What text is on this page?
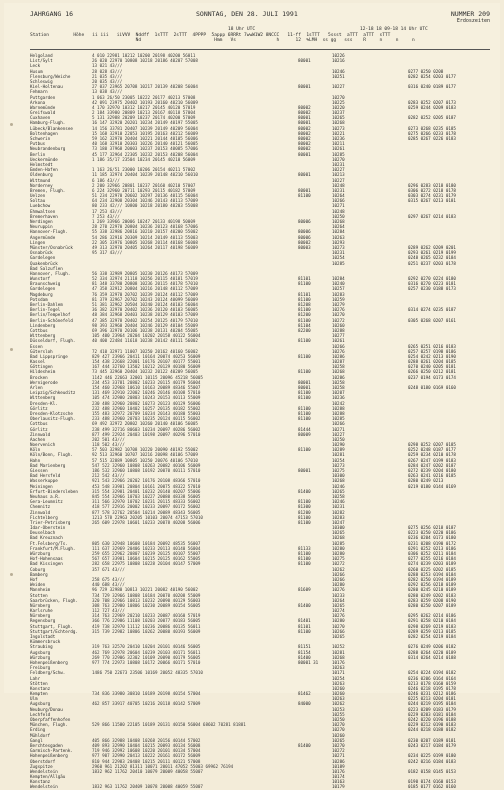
JAHRGANG 16	SONNTAG, DEN 28. JULI 1991	NUMMER 209
Erdoszeiten
18 Uhr UTC	12-18 18 09-18 14 Uhr UTC
Station         Höhe   ii iii   iiVVV  Nddff  1sTTT  2sTTT  4PPPP  5appp 6RRRt 7wwW1W2 8NCCC   11-ff  1sTTT   5ssst  aTTT  aTTT  sTTT
Nd                           Hmm   Vs               h      12  %LMH  ss gg   sss    R     n     n     n
Helgoland	4 010 22981 10212 10200 20198 40200 56011	10226
List/Sylt	26 020 22970 10808 10218 20186 40207 57008	80001	10216
Leck	13 021 43///
Husum	28 028 43///	10246	0277 0250 0208
Flensburg/Weiche	21 035 43///	10251	0282 0254 0203 0177
Schleswig	20 035 43///
Kiel-Holtenau	27 037 23965 20708 10217 20139 40208 56004	80001	10227	0316 0240 0189 0177
Fehmarn	13 038 43///
Puttgarden	1 063 26/50 23005 10222 20177 40213 57008	10270
Arkona	42 091 23975 20402 10193 20160 40210 56009	10225	0283 0252 0207 0173
Warnemünde	4 170 32970 10312 10217 20145 40120 57019	80002	10220	0259 0244 0209 0183
Greifswald	2 184 33980 20809 10213 20167 40118 57004	80002	10237
Cuxhaven	5 131 32988 20209 10237 20174 40200 57009	80001	10265	0282 0252 0205 0187
Hamburg-Flugh.	16 147 32920 20201 10234 20149 40197 55005	80001	10268
Lübeck/Blankensee	14 156 33781 20407 10239 20149 40209 56004	80002	10273	0273 0268 0235 0185
Boltenhagen	15 168 32910 22053 10195 20163 40212 56009	80002	10221	0275 0266 0233 0178
Schwerin	59 162 32970 20404 10221 20144 40105 56006	80002	10236	0285 0267 0226 0183
Putbus	40 168 32910 20303 10226 20140 40121 56005	80002	10211
Neubrandenburg	73 180 37968 20003 10237 20153 40085 57006	80002	10261
Berlin	45 177 32964 22305 10232 20153 40208 56004	80001	10285
Ueckermünde	1 186 35/17 23504 10234 20145 40210 56009	10270
Helmstedt	10231
Emden-Hafen	1 163 26/51 23000 10206 20154 40211 57002	10227
Oldenburg	11 185 32974 20404 10239 20148 40210 56010	80001	10213
Wittmund	6 186 43///	10227
Norderney	2 200 32966 20801 10237 20160 40210 57007	10248	0296 0283 0218 0180
Bremen, Flugh.	6 224 32960 20711 10293 20115 40182 57009	80001	10231	0306 0272 0218 0178
Uelzen	51 234 22970 20602 10297 20136 40115 56004	81100	10264	0303 0274 0231 0179
Soltau	64 234 32908 20304 10246 20143 40113 57009	10266	0315 0267 0213 0181
Luebchow	80 233 42/// 10800 10218 20180 40203 55008	10271
Ehmwaltsen	17 253 43///	10248
Bremerhaven	7 253 43///	10250	0297 0267 0214 0183
Nerdingen	1 269 33966 20006 10247 20133 40198 50009	80006	10268
Neuruppin	28 270 22970 20804 10236 20123 40168 57006	10264
Hannover-Flugh.	55 338 32986 20816 10210 20157 40200 55002	80006	10284
Angermünde	54 286 32916 20309 10214 20149 40113 55003	80006	10263
Lingen	22 305 33976 10805 10268 20114 40168 56008	80002	10293
Münster/Osnabrück	49 313 32970 20405 10264 20117 40198 56009	80003	10273	0289 0262 0209 0201
Osnabrück	95 317 43///	10231	0293 0261 0219 0199
Gardelegen	10254	0248 0265 0232 0184
Quakenbrück	10285	0251 0237 0203 0178
Bad Salzuflen
Hannover, Flugh.	56 338 32989 20805 10230 20126 40173 57009
Wunstorf	52 334 32974 21118 10256 20115 40181 57019	81101	10284	0292 0270 0224 0180
Braunschweig	81 348 33780 20808 10236 20115 40178 57010	81100	10240	0316 0270 0223 0181
Gardelegen	47 358 32912 20804 10216 20148 40112 57009	10257	0257 0230 0188 0173
Magdeburg	76 359 32970 20702 10239 20124 40112 57009	81101	10283
Potsdam	81 379 32967 20702 10243 20124 40099 56009	81100	10259
Berlin-Dahlem	51 381 32962 20504 10240 20124 40103 56004	81208	10279
Berlin-Tegel	36 382 32970 20402 10236 20120 40103 56005	81100	10276	0314 0274 0235 0187
Berlin/Tempelhof	48 384 32968 20403 10238 20129 40103 57009	81200	10270
Berlin-Schönefeld	47 385 32978 20402 10254 20125 40179 57010	81100	10272	0305 0268 0207 0161
Lindenberg	98 393 32960 20404 10246 20129 40104 55009	81104	10260
Cottbus	69 396 32970 20106 10238 20131 40204 55005	82200	10288
Wittenberg	105 400 23964 20204 10202 20158 40122 56004	10277
Düsseldorf, Flugh.	40 400 22484 11618 10238 20142 40111 56002	81100	10261
Essen	10266	0265 0251 0216 0183
Gütersloh	72 410 32971 11007 10250 20162 40160 56002	10276	0257 0257 0198 0186
Bad Lippspringe	829 427 23966 20411 10164 20074 40253 56009	81100	10286	0254 0242 0213 0190
Kassel	154 438 22668 22001 10176 20107 40177 55001	10287	0288 0261 0204 0185
Göttingen	167 444 32760 13502 10212 20129 40180 56009	10258	0270 0240 0205 0181
Hildesheim	73 445 32960 20404 10232 20122 40209 56005	81100	10268	0266 0250 0212 0181
Brocken	1142 446 22663 32001 10115 20096 45218 56005	10286	0237 0194 0173 0174
Wernigerode	234 453 33781 20802 10233 20115 40179 56004	80001	10258
Arlen	154 460 32968 10610 10163 20089 48346 55007	80001	10258	0248 0180 0169 0160
Leipzig/Schkeuditz	131 469 32910 22002 10246 20146 40108 57010	81100	10207
Wittenberg	105 474 32980 20803 10243 20153 40113 55009	81100	10236
Dresden-Kl.	230 488 32960 20802 10273 20123 40129 56006	10242
Görlitz	232 488 32960 10402 10257 20135 40182 55002	81100	10288
Dresden-Klotzsche	155 483 32972 20709 10234 20143 40180 55003	81100	10288
Oberlausitz-Flugh.	233 488 32960 20703 10235 20124 40115 56002	81100	10285
Cottbus	69 492 32972 20802 10260 20140 40106 56005	10266
Görlitz	238 499 32716 80603 10234 20097 40286 56002	81444	10271
Zinnwald	877 499 22924 20403 10198 20097 40296 57010	80009	10227
Aachen	202 501 43///	10250
Noervenich	118 502 43///	10290	0298 0252 0207 0185
Köln	57 503 32982 10708 10220 20090 40192 55002	81100	10289	0252 0248 0187 0177
Köln/Bonn, Flugh.	92 513 32960 10707 10216 20098 40106 57009	10281	0259 0234 0210 0178
Hahn	57 515 32889 10805 10250 20076 40106 57010	10254	0267 0247 0199 0183
Bad Marienberg	547 522 32960 10808 10263 20082 40106 56009	10273	0284 0247 0202 0187
Giessen	186 532 32960 10808 10192 20070 40111 57010	80001	10275	0272 0239 0204 0180
Bad Hersfeld	212 542 43///	10300	0263 0241 0216 0185
Wasserkuppe	921 543 22966 20202 10176 20108 48366 57010	10268	0280 0249 0213
Meiningen	453 548 33981 20804 10161 20075 48322 57010	10246	0219 0180 0144 0169
Erfurt-Bindersleben	315 554 32981 20401 10232 20140 40207 55006	81400	10265
Neuhaus a.R.	845 554 32966 10703 10227 20080 48338 56005	10258
Gera-Leumnitz	311 566 32970 10702 10231 20115 48333 56002	81100	10246
Chemnitz	418 577 22916 20002 10233 20097 40172 56002	81300	10231
Zinnwald	877 578 32762 20504 10214 20089 48343 56005	81200	10282
Fichtelberg	1213 578 22963 20205 10103 20074 47153 57010	81100	10283
Trier-Petrisberg	265 609 22978 10601 10233 20078 40208 56006	81100	10247
Idar-Oberstein	10300	0275 0256 0218 0187
Deuselbach	10265	0223 0250 0220 0186
Bad Kreuznach	10268	0236 0204 0173 0180
Ft.Felsberg/Ts.	805 630 32948 10608 10184 20092 48535 56007	10285	0231 0208 0190 0172
Frankfurt/M.Flugh.	111 637 32969 20406 10233 20113 40140 56004	81133	10280	0291 0252 0213 0186
Würzburg	259 655 22962 20807 10239 20125 40107 55007	81100	10280	0306 0252 0211 0184
Hof-Hohensaas	567 657 33981 10604 10215 20125 40162 55005	81100	10275	0277 0255 0216 0184
Bad Kissingen	282 658 22975 10808 10228 20104 40147 57009	81100	10272	0274 0239 0203 0189
Coburg	357 671 43///	10262	0260 0225 0202 0185
Bamberg	10266	0288 0253 0194 0184
Hof	258 675 43///	10266	0282 0250 0194 0189
Weiden	440 688 43///	10280	0292 0256 0218 0189
Mannheim	96 729 32980 10813 10221 20082 40190 56002	81609	10276	0280 0245 0210 0189
Stotten	734 729 32966 10808 10184 20070 40208 55009	10233	0280 0249 0202 0183
Saarbrücken, Flugh.	320 708 32966 10813 10232 20090 40129 56003	10264	0283 0259 0208 0190
Nürnberg	308 763 22980 10806 10230 20089 40154 56005	81400	10265	0280 0250 0207 0189
Karlsruhe	112 727 43///	10274
Nürnberg	314 763 22969 20210 10233 20087 40160 57019	10276	0295 0262 0214 0186
Regensburg	366 776 22986 11108 10203 20077 40183 56005	81401	10280	0291 0258 0210 0184
Stuttgart, Flugh.	419 738 32970 11112 10236 20086 40135 56011	81101	10270	0298 0269 0219 0183
Stuttgart/Echterdg.	315 739 22982 10806 10262 20080 40193 56009	81100	10266	0289 0259 0213 0185
Ingolstadt	10265	0282 0254 0219 0184
Kümmersbruck
Straubing	319 763 32570 20410 10204 20101 40146 56005	81151	10252	0276 0249 0206 0182
Augsburg	462 769 32978 20604 10239 20103 40171 56011	81154	10281	0288 0264 0220 0189
Würzburg	269 770 32906 32302 10109 20090 40179 56005	81400	10268	0314 0264 0214 0188
Hohenpeißenberg	977 774 22973 10808 10172 20066 40171 57010	80001 31	10176
Freiburg	10263
Feldberg/Schw.	1486 750 22673 23506 10169 20052 48335 57010	10171	0254 0224 0194 0182
Lahr	10254	0236 0206 0164 0164
Stötten	10263	0213 0178 0160 0159
Konstanz	10260	0246 0218 0195 0178
Kempten	734 836 33980 30810 10189 20198 40154 57004	81462	10260	0246 0231 0212 0186
Ulm	10263	0225 0213 0204 0181
Augsburg	462 857 33917 40705 10216 20118 40142 57009	84000	10262	0244 0219 0195 0184
Neuburg/Donau	10253	0223 0209 0183 0179
Lechfeld	10255	0229 0203 0181 0184
Oberpfaffenhofen	10250	0242 0220 0196 0188
München, Flugh.	529 866 11580 22105 10189 20131 40150 56004 68602 70281 81881	10270	0229 0212 0190 0183
Erding	10270	0244 0218 0188 0182
Mühldorf	10260
Gangl	405 866 32988 10408 10268 20156 40144 57002	10265	0230 0207 0189 0181
Berchtesgaden	409 893 32990 10404 10215 20093 40134 56008	81400	10270	0243 0217 0184 0179
Garmisch-Partenk.	719 946 32992 10608 10220 20101 40134 57004	10272
Hohenpeißenberg	977 907 32990 20413 10222 20161 40172 56009	10271	0234 0225 0199 0180
Oberstdorf	810 944 22983 20408 10215 20111 40121 57008	10286	0242 0216 0184 0183
Zugspitze	2960 961 21202 81311 10071 20011 47052 55003 69962 76194	10189
Wendelstein	1832 962 11762 20410 10079 20009 40058 55007	10176	0182 0158 0145 0153
Kempten/Allgäu	10174
Konstanz	10163	0190 0174 0160 0153
Wendelstein	1832 963 11762 20409 10078 20008 40059 55007	10179	0185 0177 0162 0160
